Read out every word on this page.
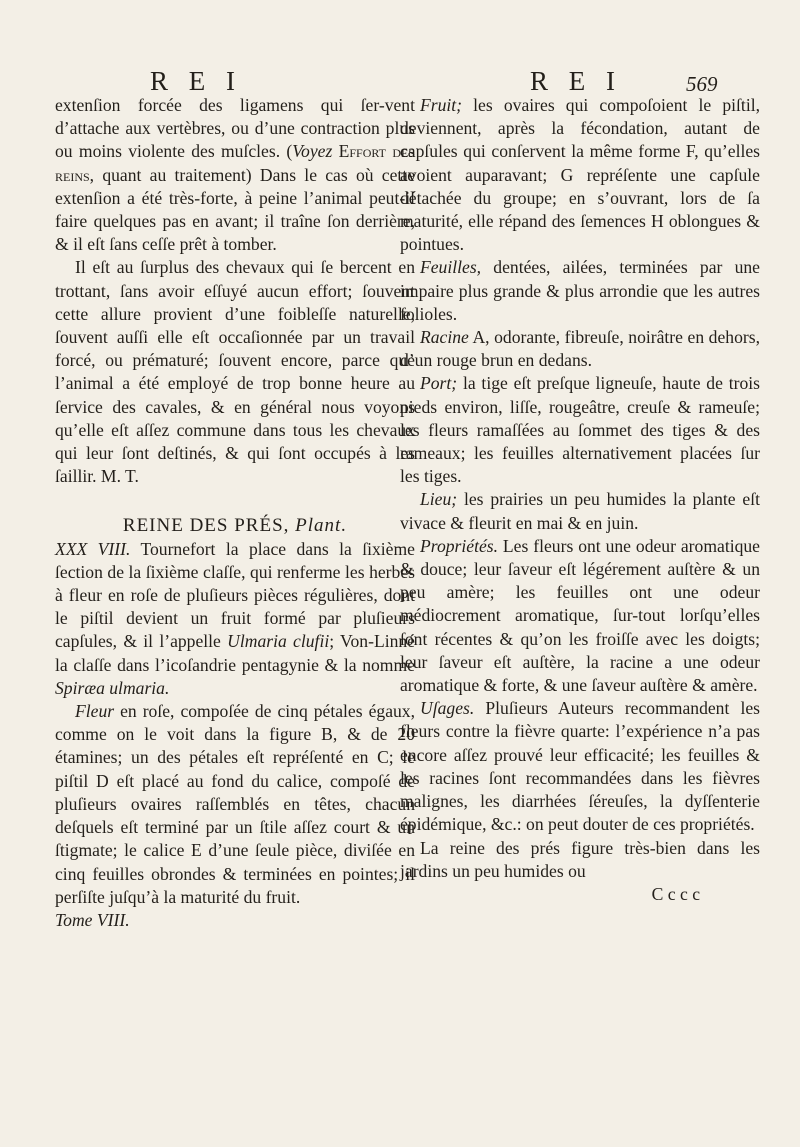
R E I	R E I	569

extenſion forcée des ligamens qui ſer-vent d’attache aux vertèbres, ou d’une contraction plus ou moins violente des muſcles. (Voyez Effort des reins, quant au traitement) Dans le cas où cette extenſion a été très-forte, à peine l’animal peut-il faire quelques pas en avant; il traîne ſon derrière, & il eſt ſans ceſſe prêt à tomber.

Il eſt au ſurplus des chevaux qui ſe bercent en trottant, ſans avoir eſſuyé aucun effort; ſouvent cette allure provient d’une foibleſſe naturelle, ſouvent auſſi elle eſt occaſionnée par un travail forcé, ou prématuré; ſouvent encore, parce que l’animal a été employé de trop bonne heure au ſervice des cavales, & en général nous voyons qu’elle eſt aſſez commune dans tous les chevaux qui leur ſont deſtinés, & qui ſont occupés à les ſaillir. M. T.

REINE DES PRÉS, Plant.

XXX VIII. Tournefort la place dans la ſixième ſection de la ſixième claſſe, qui renferme les herbes à fleur en roſe de pluſieurs pièces régulières, dont le piſtil devient un fruit formé par pluſieurs capſules, & il l’appelle Ulmaria clufii; Von-Linné la claſſe dans l’icoſandrie pentagynie & la nomme Spiræa ulmaria.

Fleur en roſe, compoſée de cinq pétales égaux, comme on le voit dans la figure B, & de 20 étamines; un des pétales eſt repréſenté en C; le piſtil D eſt placé au fond du calice, compoſé de pluſieurs ovaires raſſemblés en têtes, chacun deſquels eſt terminé par un ſtile aſſez court & un ſtigmate; le calice E d’une ſeule pièce, diviſée en cinq feuilles obrondes & terminées en pointes; il perſiſte juſqu’à la maturité du fruit.

Tome VIII.

Fruit; les ovaires qui compoſoient le piſtil, deviennent, après la fécondation, autant de capſules qui conſervent la même forme F, qu’elles avoient auparavant; G repréſente une capſule détachée du groupe; en s’ouvrant, lors de ſa maturité, elle répand des ſemences H oblongues & pointues.

Feuilles, dentées, ailées, terminées par une impaire plus grande & plus arrondie que les autres folioles.

Racine A, odorante, fibreuſe, noirâtre en dehors, d’un rouge brun en dedans.

Port; la tige eſt preſque ligneuſe, haute de trois pieds environ, liſſe, rougeâtre, creuſe & rameuſe; les fleurs ramaſſées au ſommet des tiges & des rameaux; les feuilles alternativement placées ſur les tiges.

Lieu; les prairies un peu humides la plante eſt vivace & fleurit en mai & en juin.

Propriétés. Les fleurs ont une odeur aromatique & douce; leur ſaveur eſt légérement auſtère & un peu amère; les feuilles ont une odeur médiocrement aromatique, ſur-tout lorſqu’elles ſont récentes & qu’on les froiſſe avec les doigts; leur ſaveur eſt auſtère, la racine a une odeur aromatique & forte, & une ſaveur auſtère & amère.

Uſages. Pluſieurs Auteurs recommandent les fleurs contre la fièvre quarte: l’expérience n’a pas encore aſſez prouvé leur efficacité; les feuilles & les racines ſont recommandées dans les fièvres malignes, les diarrhées ſéreuſes, la dyſſenterie épidémique, &c.: on peut douter de ces propriétés.

La reine des prés figure très-bien dans les jardins un peu humides ou

C c c c
